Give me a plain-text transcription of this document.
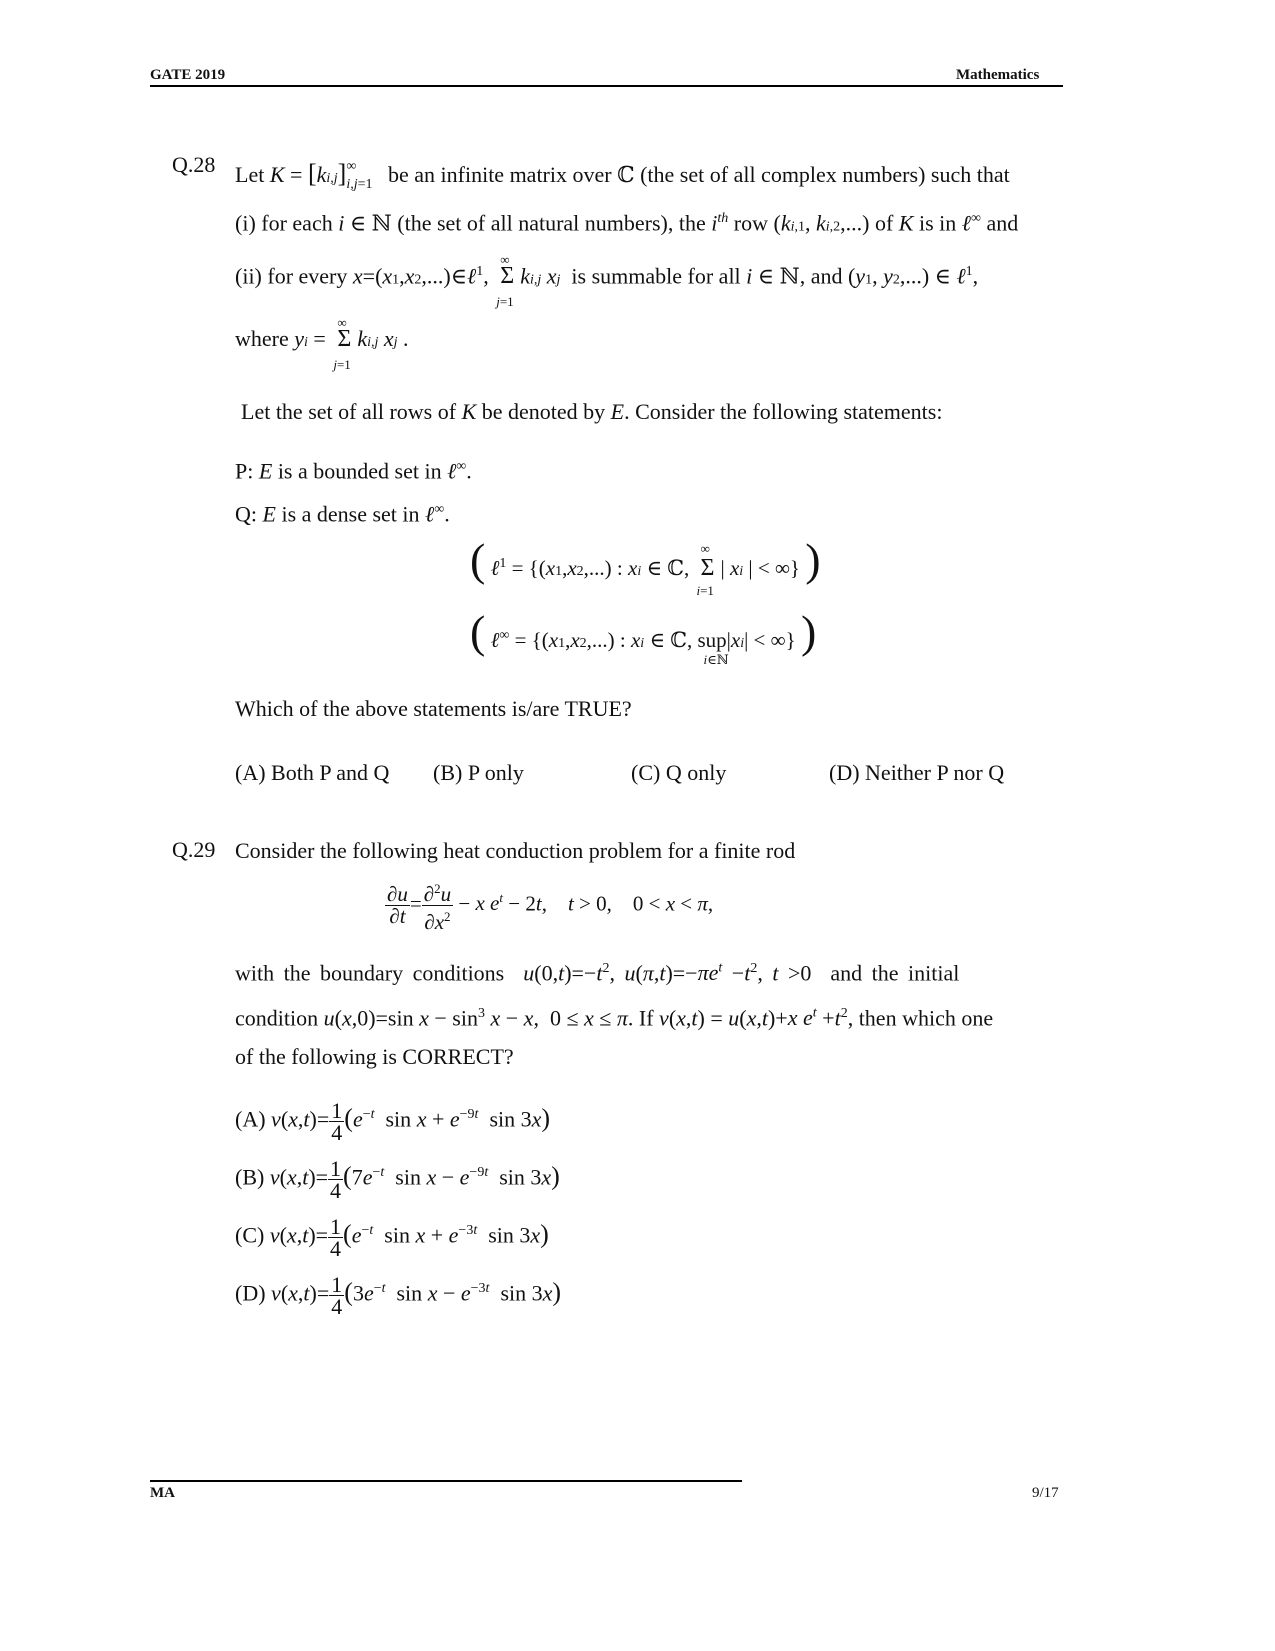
GATE 2019	Mathematics
Q.28 Let $K = [ki,j]^\infty_{i,j=1}$ be an infinite matrix over ℂ (the set of all complex numbers) such that
(i) for each i ∈ ℕ (the set of all natural numbers), the $i^{th}$ row (ki,1, ki,2,...) of K is in ℓ∞ and
(ii) for every x=(x1,x2,...)∈ℓ$^1$,
∞
Σ
j=1
ki,j xj is summable for all i ∈ ℕ, and (y1, y2,...) ∈ ℓ$^1$,
where yi =
∞
Σ
j=1
ki,j xj .
Let the set of all rows of K be denoted by E. Consider the following statements:
P: E is a bounded set in ℓ∞.
Q: E is a dense set in ℓ∞.
( ℓ$^1$ = {(x1,x2,...) : xi ∈ ℂ,
∞
Σ
i=1
| xi | < ∞} )
( ℓ∞ = {(x1,x2,...) : xi ∈ ℂ, sup
i∈ℕ
|xi| < ∞} )
Which of the above statements is/are TRUE?
(A) Both P and Q (B) P only	(C) Q only	(D) Neither P nor Q
Q.29 Consider the following heat conduction problem for a finite rod
$\frac{\partial u}{\partial t} = \frac{\partial^2u}{\partial x^2} - x$ $e^t - 2t$,    t > 0,    0 < x < π,
with the boundary conditions $u(0,t)=-t^2$, $u(\pi,t)=-\pi e^t -t^2$, t >0  and the initial
condition u(x,0)=sin $x - \sin^3 x - x$,  0 ≤ x ≤ π. If v(x,t) = u(x,t)+x $e^t +t^2$, then which one
of the following is CORRECT?
(A) $v(x,t)= \frac{1}{4} (e^{-t}$  $\sin x + e^{-9t}$  sin 3x)
(B) $v(x,t)= \frac{1}{4} (7e^{-t}$  $\sin x - e^{-9t}$  sin 3x)
(C) $v(x,t)= \frac{1}{4} (e^{-t}$  $\sin x + e^{-3t}$  sin 3x)
(D) $v(x,t)= \frac{1}{4} (3e^{-t}$  $\sin x - e^{-3t}$  sin 3x)
MA	9/17
